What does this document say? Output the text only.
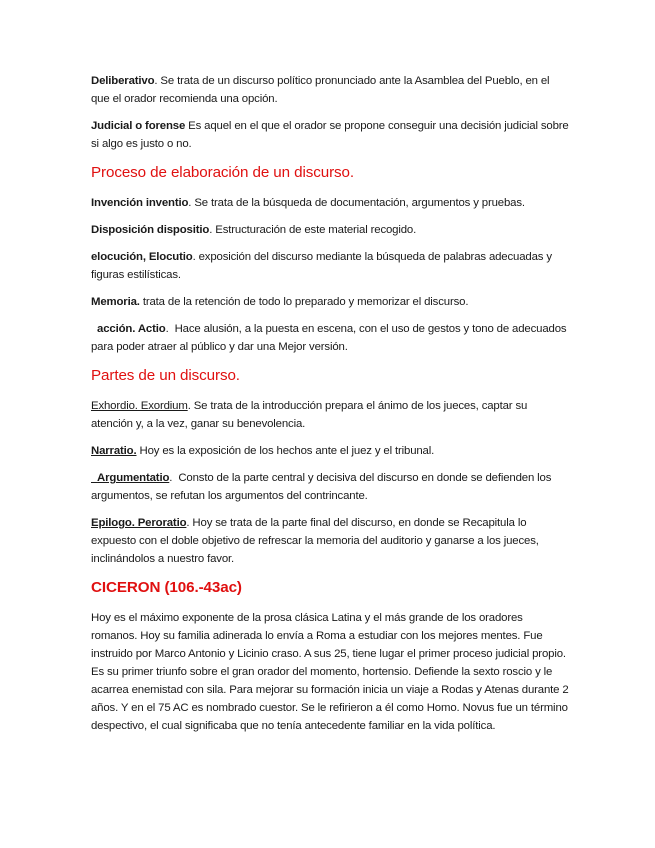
Deliberativo. Se trata de un discurso político pronunciado ante la Asamblea del Pueblo, en el que el orador recomienda una opción.

Judicial o forense Es aquel en el que el orador se propone conseguir una decisión judicial sobre si algo es justo o no.

Proceso de elaboración de un discurso.

Invención inventio. Se trata de la búsqueda de documentación, argumentos y pruebas.

Disposición dispositio. Estructuración de este material recogido.

elocución, Elocutio. exposición del discurso mediante la búsqueda de palabras adecuadas y figuras estilísticas.

Memoria. trata de la retención de todo lo preparado y memorizar el discurso.

acción. Actio.  Hace alusión, a la puesta en escena, con el uso de gestos y tono de adecuados para poder atraer al público y dar una Mejor versión.

Partes de un discurso.

Exhordio. Exordium. Se trata de la introducción prepara el ánimo de los jueces, captar su atención y, a la vez, ganar su benevolencia.

Narratio. Hoy es la exposición de los hechos ante el juez y el tribunal.

Argumentatio.  Consto de la parte central y decisiva del discurso en donde se defienden los argumentos, se refutan los argumentos del contrincante.

Epilogo. Peroratio. Hoy se trata de la parte final del discurso, en donde se Recapitula lo expuesto con el doble objetivo de refrescar la memoria del auditorio y ganarse a los jueces, inclinándolos a nuestro favor.

CICERON (106.-43ac)

Hoy es el máximo exponente de la prosa clásica Latina y el más grande de los oradores romanos. Hoy su familia adinerada lo envía a Roma a estudiar con los mejores mentes. Fue instruido por Marco Antonio y Licinio craso. A sus 25, tiene lugar el primer proceso judicial propio. Es su primer triunfo sobre el gran orador del momento, hortensio. Defiende la sexto roscio y le acarrea enemistad con sila. Para mejorar su formación inicia un viaje a Rodas y Atenas durante 2 años. Y en el 75 AC es nombrado cuestor. Se le refirieron a él como Homo. Novus fue un término despectivo, el cual significaba que no tenía antecedente familiar en la vida política.
